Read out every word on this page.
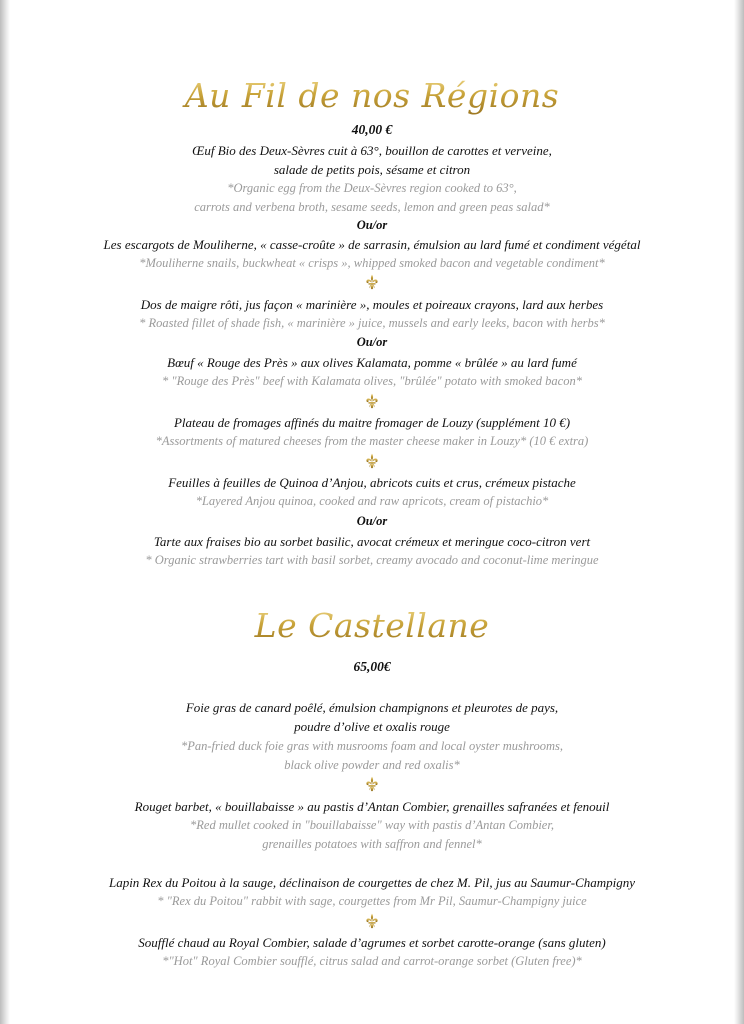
Au Fil de nos Régions
40,00 €
Œuf Bio des Deux-Sèvres cuit à 63°, bouillon de carottes et verveine,
salade de petits pois, sésame et citron
*Organic egg from the Deux-Sèvres region cooked to 63°,
carrots and verbena broth, sesame seeds, lemon and green peas salad*
Ou/or
Les escargots de Mouliherne, « casse-croûte » de sarrasin, émulsion au lard fumé et condiment végétal
*Mouliherne snails, buckwheat « crisps », whipped smoked bacon and vegetable condiment*
Dos de maigre rôti, jus façon « marinière », moules et poireaux crayons, lard aux herbes
* Roasted fillet of shade fish, « marinière » juice, mussels and early leeks, bacon with herbs*
Ou/or
Bœuf « Rouge des Près » aux olives Kalamata, pomme « brûlée » au lard fumé
* "Rouge des Près" beef with Kalamata olives, "brûlée" potato with smoked bacon*
Plateau de fromages affinés du maitre fromager de Louzy (supplément 10 €)
*Assortments of matured cheeses from the master cheese maker in Louzy* (10 € extra)
Feuilles à feuilles de Quinoa d’Anjou, abricots cuits et crus, crémeux pistache
*Layered Anjou quinoa, cooked and raw apricots, cream of pistachio*
Ou/or
Tarte aux fraises bio au sorbet basilic, avocat crémeux et meringue coco-citron vert
* Organic strawberries tart with basil sorbet, creamy avocado and coconut-lime meringue
Le Castellane
65,00€
Foie gras de canard poêlé, émulsion champignons et pleurotes de pays,
poudre d’olive et oxalis rouge
*Pan-fried duck foie gras with musrooms foam and local oyster mushrooms,
black olive powder and red oxalis*
Rouget barbet, « bouillabaisse » au pastis d’Antan Combier, grenailles safranées et fenouil
*Red mullet cooked in "bouillabaisse" way with pastis d’Antan Combier,
grenailles potatoes with saffron and fennel*
Lapin Rex du Poitou à la sauge, déclinaison de courgettes de chez M. Pil, jus au Saumur-Champigny
* "Rex du Poitou" rabbit with sage, courgettes from Mr Pil, Saumur-Champigny juice
Soufflé chaud au Royal Combier, salade d’agrumes et sorbet carotte-orange (sans gluten)
*"Hot" Royal Combier soufflé, citrus salad and carrot-orange sorbet (Gluten free)*
